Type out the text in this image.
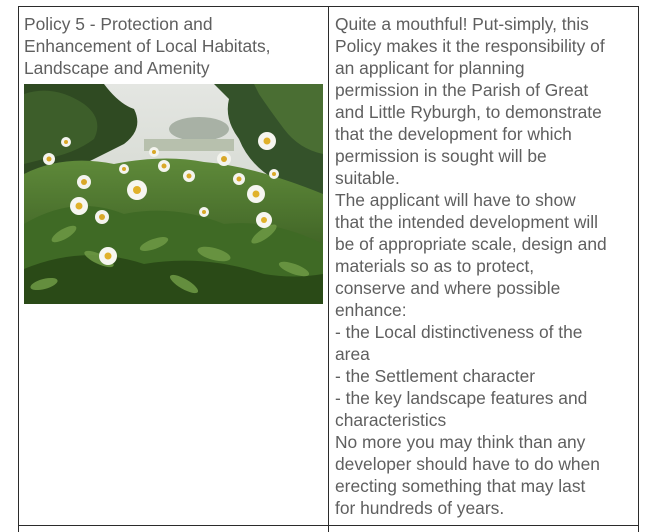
Policy 5 - Protection and
Enhancement of Local Habitats,
Landscape and Amenity

Quite a mouthful! Put-simply, this
Policy makes it the responsibility of
an applicant for planning
permission in the Parish of Great
and Little Ryburgh, to demonstrate
that the development for which
permission is sought will be
suitable.
The applicant will have to show
that the intended development will
be of appropriate scale, design and
materials so as to protect,
conserve and where possible
enhance:
- the Local distinctiveness of the
area
- the Settlement character
- the key landscape features and
characteristics
No more you may think than any
developer should have to do when
erecting something that may last
for hundreds of years.
